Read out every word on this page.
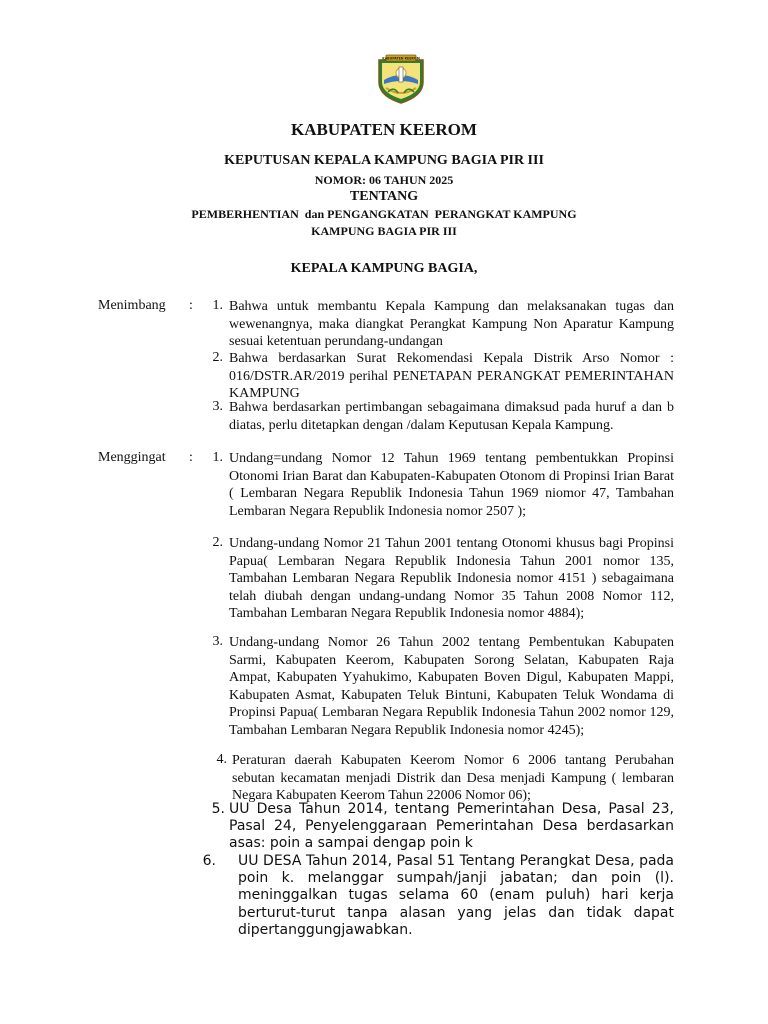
KABUPATEN KEEROM
KABUPATEN KEEROM
KEPUTUSAN KEPALA KAMPUNG BAGIA PIR III
NOMOR: 06 TAHUN 2025
TENTANG
PEMBERHENTIAN  dan PENGANGKATAN  PERANGKAT KAMPUNG
KAMPUNG BAGIA PIR III
KEPALA KAMPUNG BAGIA,
Menimbang :	1. Bahwa untuk membantu Kepala Kampung dan melaksanakan tugas dan wewenangnya, maka diangkat Perangkat Kampung Non Aparatur Kampung sesuai ketentuan perundang-undangan
2. Bahwa berdasarkan Surat Rekomendasi Kepala Distrik Arso Nomor : 016/DSTR.AR/2019 perihal PENETAPAN PERANGKAT PEMERINTAHAN KAMPUNG
3. Bahwa berdasarkan pertimbangan sebagaimana dimaksud pada huruf a dan b diatas, perlu ditetapkan dengan /dalam Keputusan Kepala Kampung.
Menggingat :	1. Undang=undang Nomor 12 Tahun 1969 tentang pembentukkan Propinsi Otonomi Irian Barat dan Kabupaten-Kabupaten Otonom di Propinsi Irian Barat ( Lembaran Negara Republik Indonesia Tahun 1969 niomor 47, Tambahan Lembaran Negara Republik Indonesia nomor 2507 );
2. Undang-undang Nomor 21 Tahun 2001 tentang Otonomi khusus bagi Propinsi Papua( Lembaran Negara Republik Indonesia Tahun 2001 nomor 135, Tambahan Lembaran Negara Republik Indonesia nomor 4151 ) sebagaimana telah diubah dengan undang-undang Nomor 35 Tahun 2008 Nomor 112, Tambahan Lembaran Negara Republik Indonesia nomor 4884);
3. Undang-undang Nomor 26 Tahun 2002 tentang Pembentukan Kabupaten Sarmi, Kabupaten Keerom, Kabupaten Sorong Selatan, Kabupaten Raja Ampat, Kabupaten Yyahukimo, Kabupaten Boven Digul, Kabupaten Mappi, Kabupaten Asmat, Kabupaten Teluk Bintuni, Kabupaten Teluk Wondama di Propinsi Papua( Lembaran Negara Republik Indonesia Tahun 2002 nomor 129, Tambahan Lembaran Negara Republik Indonesia nomor 4245);
4. Peraturan daerah Kabupaten Keerom Nomor 6 2006 tantang Perubahan sebutan kecamatan menjadi Distrik dan Desa menjadi Kampung ( lembaran Negara Kabupaten Keerom Tahun 22006 Nomor 06);
5. UU Desa Tahun 2014, tentang Pemerintahan Desa, Pasal 23, Pasal 24, Penyelenggaraan Pemerintahan Desa berdasarkan asas: poin a sampai dengap poin k
6. UU DESA Tahun 2014, Pasal 51 Tentang Perangkat Desa, pada poin k. melanggar sumpah/janji jabatan; dan poin (l). meninggalkan tugas selama 60 (enam puluh) hari kerja berturut-turut tanpa alasan yang jelas dan tidak dapat dipertanggungjawabkan.
